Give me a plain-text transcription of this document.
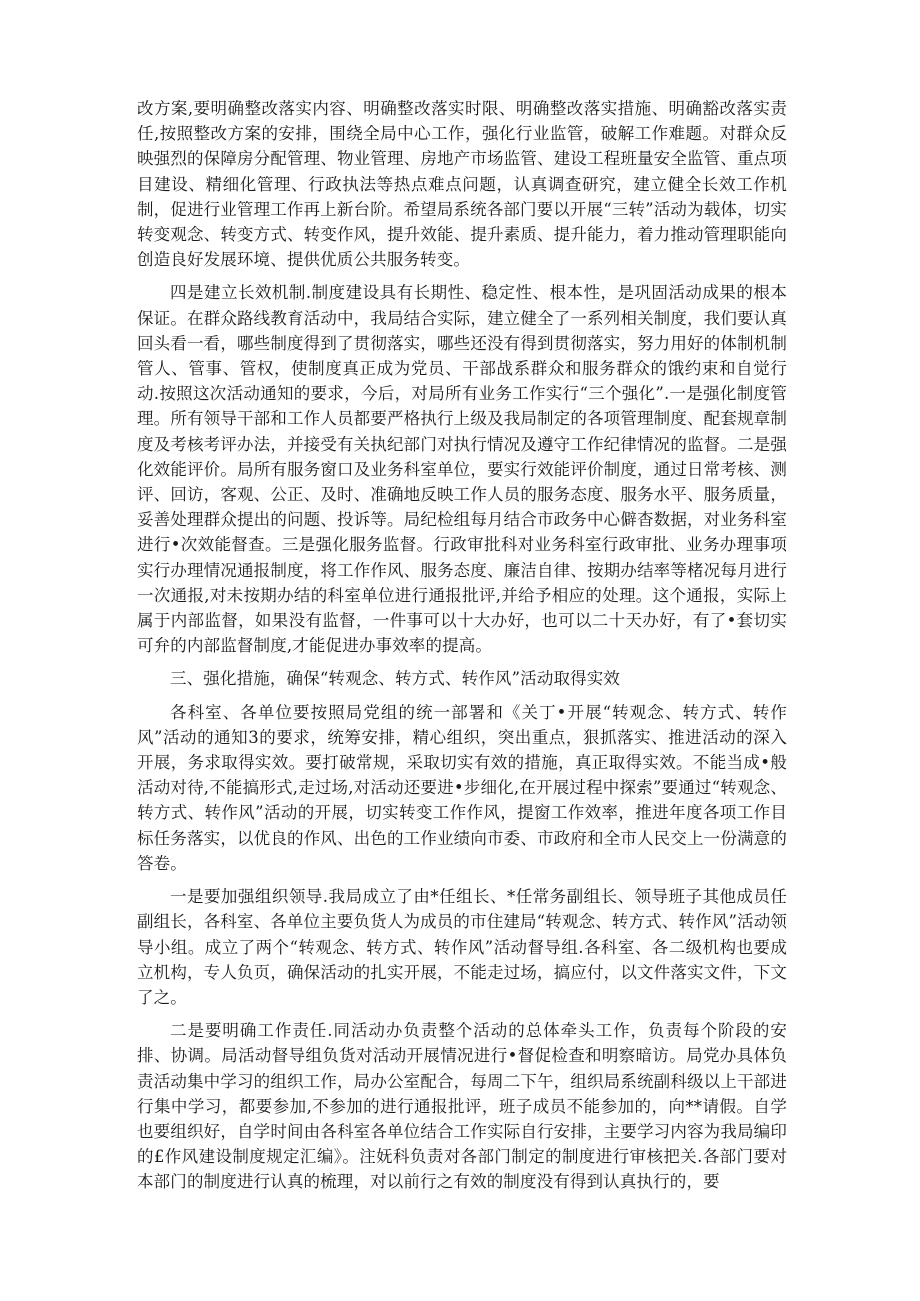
改方案,要明确整改落实内容、明确整改落实时限、明确整改落实措施、明确豁改落实责任,按照整改方案的安排，围绕全局中心工作，强化行业监管，破解工作难题。对群众反映强烈的保障房分配管理、物业管理、房地产市场监管、建设工程班量安全监管、重点项目建设、精细化管理、行政执法等热点难点问题，认真调查研究，建立健全长效工作机制，促进行业管理工作再上新台阶。希望局系统各部门要以开展“三转”活动为载体，切实转变观念、转变方式、转变作风，提升效能、提升素质、提升能力，着力推动管理职能向创造良好发展环境、提供优质公共服务转变。

四是建立长效机制.制度建设具有长期性、稳定性、根本性，是巩固活动成果的根本保证。在群众路线教育活动中，我局结合实际，建立健全了一系列相关制度，我们要认真回头看一看，哪些制度得到了贯彻落实，哪些还没有得到贯彻落实，努力用好的体制机制管人、管事、管权，使制度真正成为党员、干部战系群众和服务群众的饿约束和自觉行动.按照这次活动通知的要求，今后，对局所有业务工作实行“三个强化”.一是强化制度管理。所有领导干部和工作人员都要严格执行上级及我局制定的各项管理制度、配套规章制度及考核考评办法，并接受有关执纪部门对执行情况及遵守工作纪律情况的监督。二是强化效能评价。局所有服务窗口及业务科室单位，要实行效能评价制度，通过日常考核、测评、回访，客观、公正、及时、准确地反映工作人员的服务态度、服务水平、服务质量，妥善处理群众提出的问题、投诉等。局纪检组每月结合市政务中心僻杳数据，对业务科室进行•次效能督查。三是强化服务监督。行政审批科对业务科室行政审批、业务办理事项实行办理情况通报制度，将工作作风、服务态度、廉洁自律、按期办结率等楮况每月进行一次通报,对未按期办结的科室单位进行通报批评,并给予相应的处理。这个通报，实际上属于内部监督，如果没有监督，一件事可以十大办好，也可以二十天办好，有了•套切实可弁的内部监督制度,才能促进办事效率的提高。

三、强化措施，确保“转观念、转方式、转作风”活动取得实效

各科室、各单位要按照局党组的统一部署和《关丁•开展“转观念、转方式、转作风”活动的通知3的要求，统筹安排，精心组织，突出重点，狠抓落实、推进活动的深入开展，务求取得实效。要打破常规，采取切实有效的措施，真正取得实效。不能当成•般活动对待,不能搞形式,走过场,对活动还要进•步细化,在开展过程中探索”要通过“转观念、转方式、转作风”活动的开展，切实转变工作作风，提窗工作效率，推进年度各项工作目标任务落实，以优良的作风、出色的工作业绩向市委、市政府和全市人民交上一份满意的答卷。

一是要加强组织领导.我局成立了由*任组长、*任常务副组长、领导班子其他成员任副组长，各科室、各单位主要负货人为成员的市住建局“转观念、转方式、转作风”活动领导小组。成立了两个“转观念、转方式、转作风”活动督导组.各科室、各二级机构也要成立机构，专人负页，确保活动的扎实开展，不能走过场，搞应付，以文件落实文件，下文了之。

二是要明确工作责任.同活动办负责整个活动的总体牵头工作，负责每个阶段的安排、协调。局活动督导组负货对活动开展情况进行•督促检查和明察暗访。局党办具体负责活动集中学习的组织工作，局办公室配合，每周二下午，组织局系统副科级以上干部进行集中学习，都要参加,不参加的进行通报批评，班子成员不能参加的，向**请假。自学也要组织好，自学时间由各科室各单位结合工作实际自行安排，主要学习内容为我局编印的£作风建设制度规定汇编》。注妩科负责对各部门制定的制度进行审核把关.各部门要对本部门的制度进行认真的梳理，对以前行之有效的制度没有得到认真执行的，要
